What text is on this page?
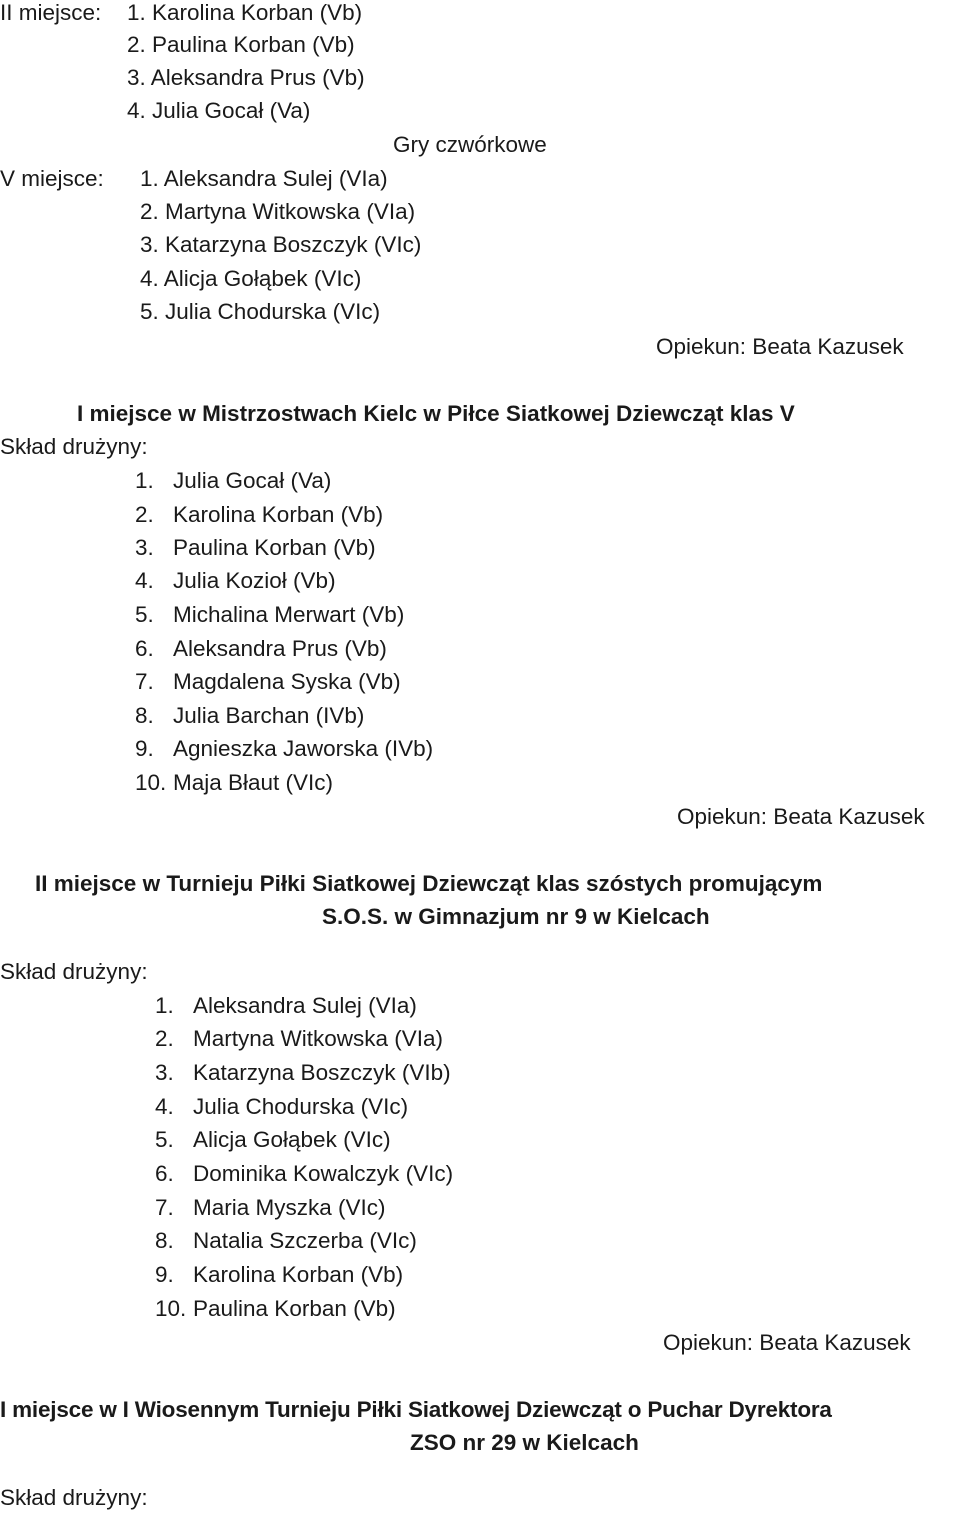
II miejsce: 1. Karolina Korban (Vb)
2. Paulina Korban (Vb)
3. Aleksandra Prus (Vb)
4. Julia Gocał (Va)
Gry czwórkowe
V miejsce: 1. Aleksandra Sulej (VIa)
2. Martyna Witkowska (VIa)
3. Katarzyna Boszczyk (VIc)
4. Alicja Gołąbek (VIc)
5. Julia Chodurska (VIc)
Opiekun: Beata Kazusek
I miejsce w Mistrzostwach Kielc w Piłce Siatkowej Dziewcząt klas V
Skład drużyny:
1. Julia Gocał (Va)
2. Karolina Korban (Vb)
3. Paulina Korban (Vb)
4. Julia Kozioł (Vb)
5. Michalina Merwart (Vb)
6. Aleksandra Prus (Vb)
7. Magdalena Syska (Vb)
8. Julia Barchan (IVb)
9. Agnieszka Jaworska (IVb)
10. Maja Błaut (VIc)
Opiekun: Beata Kazusek
II miejsce w Turnieju Piłki Siatkowej Dziewcząt klas szóstych promującym
S.O.S. w Gimnazjum nr 9 w Kielcach
Skład drużyny:
1. Aleksandra Sulej (VIa)
2. Martyna Witkowska (VIa)
3. Katarzyna Boszczyk (VIb)
4. Julia Chodurska (VIc)
5. Alicja Gołąbek (VIc)
6. Dominika Kowalczyk (VIc)
7. Maria Myszka (VIc)
8. Natalia Szczerba (VIc)
9. Karolina Korban (Vb)
10. Paulina Korban (Vb)
Opiekun: Beata Kazusek
I miejsce w I Wiosennym Turnieju Piłki Siatkowej Dziewcząt o Puchar Dyrektora
ZSO nr 29 w Kielcach
Skład drużyny:
